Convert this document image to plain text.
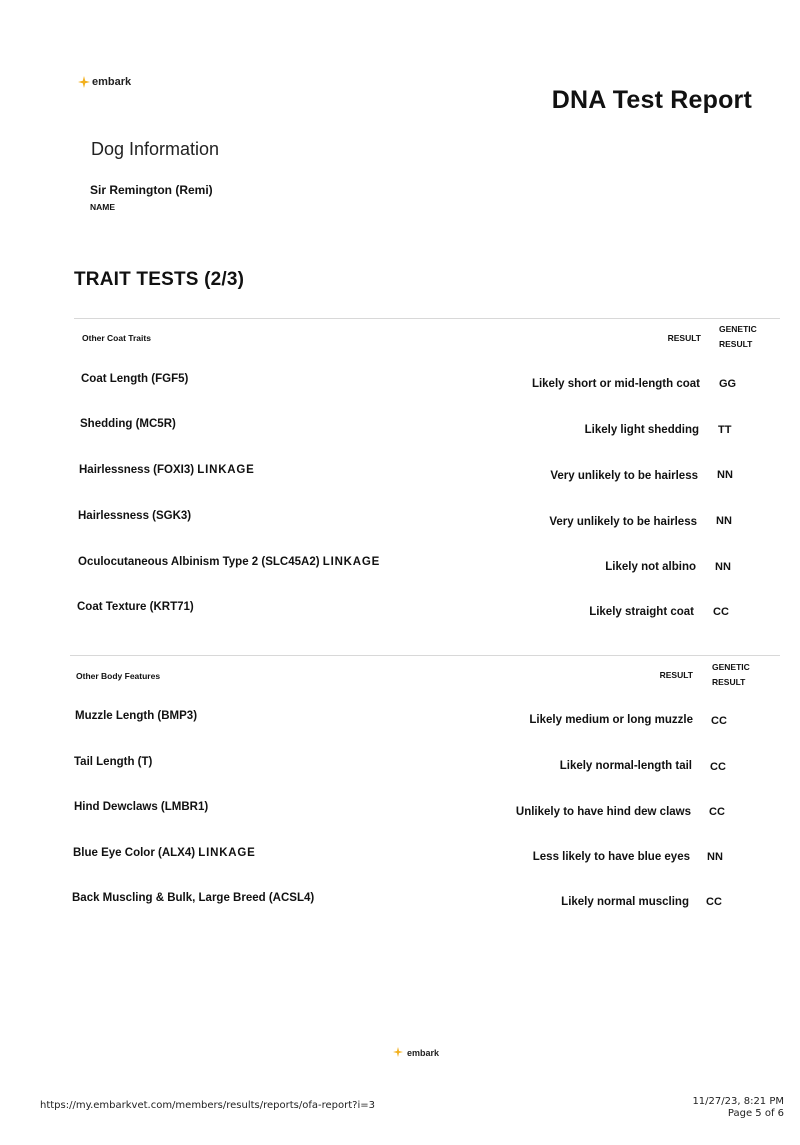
embark
DNA Test Report
Dog Information
Sir Remington (Remi)
NAME
TRAIT TESTS (2/3)
Other Coat Traits	RESULT
GENETIC
RESULT
Coat Length (FGF5)	Likely short or mid-length coat GG
Shedding (MC5R)	Likely light shedding TT
Hairlessness (FOXI3) LINKAGE	Very unlikely to be hairless NN
Hairlessness (SGK3)	Very unlikely to be hairless NN
Oculocutaneous Albinism Type 2 (SLC45A2) LINKAGE	Likely not albino NN
Coat Texture (KRT71)	Likely straight coat CC
Other Body Features	RESULT
GENETIC
RESULT
Muzzle Length (BMP3)	Likely medium or long muzzle CC
Tail Length (T)	Likely normal-length tail CC
Hind Dewclaws (LMBR1)	Unlikely to have hind dew claws CC
Blue Eye Color (ALX4) LINKAGE	Less likely to have blue eyes NN
Back Muscling & Bulk, Large Breed (ACSL4)	Likely normal muscling CC
embark
https://my.embarkvet.com/members/results/reports/ofa-report?i=3	11/27/23, 8:21 PM
Page 5 of 6
